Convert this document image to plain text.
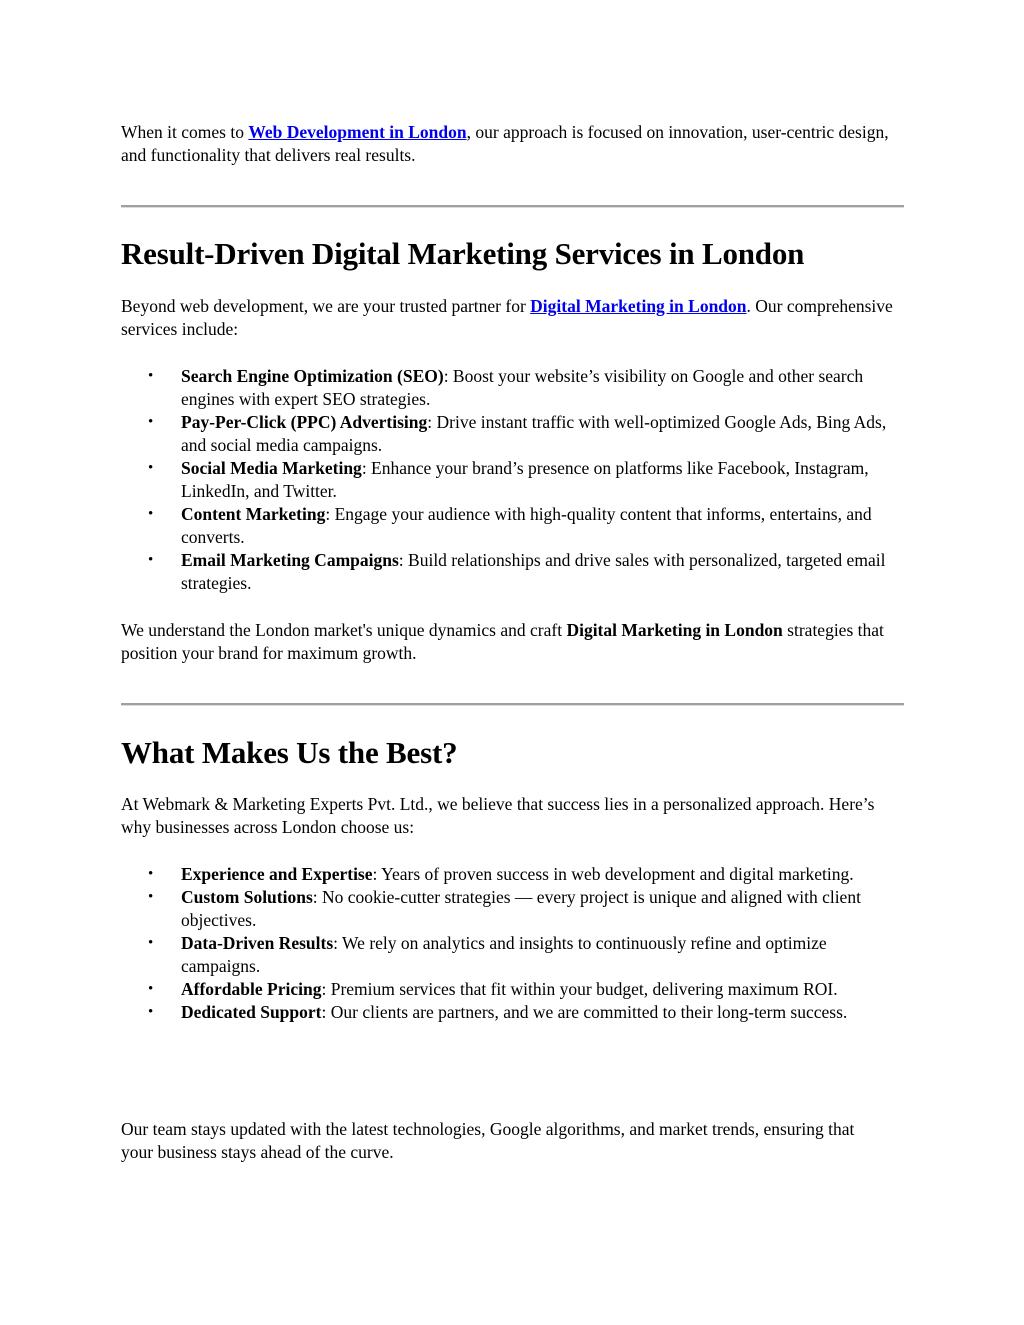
When it comes to Web Development in London, our approach is focused on innovation, user-centric design, and functionality that delivers real results.

Result-Driven Digital Marketing Services in London

Beyond web development, we are your trusted partner for Digital Marketing in London. Our comprehensive services include:

• Search Engine Optimization (SEO): Boost your website’s visibility on Google and other search engines with expert SEO strategies.
• Pay-Per-Click (PPC) Advertising: Drive instant traffic with well-optimized Google Ads, Bing Ads, and social media campaigns.
• Social Media Marketing: Enhance your brand’s presence on platforms like Facebook, Instagram, LinkedIn, and Twitter.
• Content Marketing: Engage your audience with high-quality content that informs, entertains, and converts.
• Email Marketing Campaigns: Build relationships and drive sales with personalized, targeted email strategies.

We understand the London market's unique dynamics and craft Digital Marketing in London strategies that position your brand for maximum growth.

What Makes Us the Best?

At Webmark & Marketing Experts Pvt. Ltd., we believe that success lies in a personalized approach. Here’s why businesses across London choose us:

• Experience and Expertise: Years of proven success in web development and digital marketing.
• Custom Solutions: No cookie-cutter strategies — every project is unique and aligned with client objectives.
• Data-Driven Results: We rely on analytics and insights to continuously refine and optimize campaigns.
• Affordable Pricing: Premium services that fit within your budget, delivering maximum ROI.
• Dedicated Support: Our clients are partners, and we are committed to their long-term success.

Our team stays updated with the latest technologies, Google algorithms, and market trends, ensuring that your business stays ahead of the curve.
